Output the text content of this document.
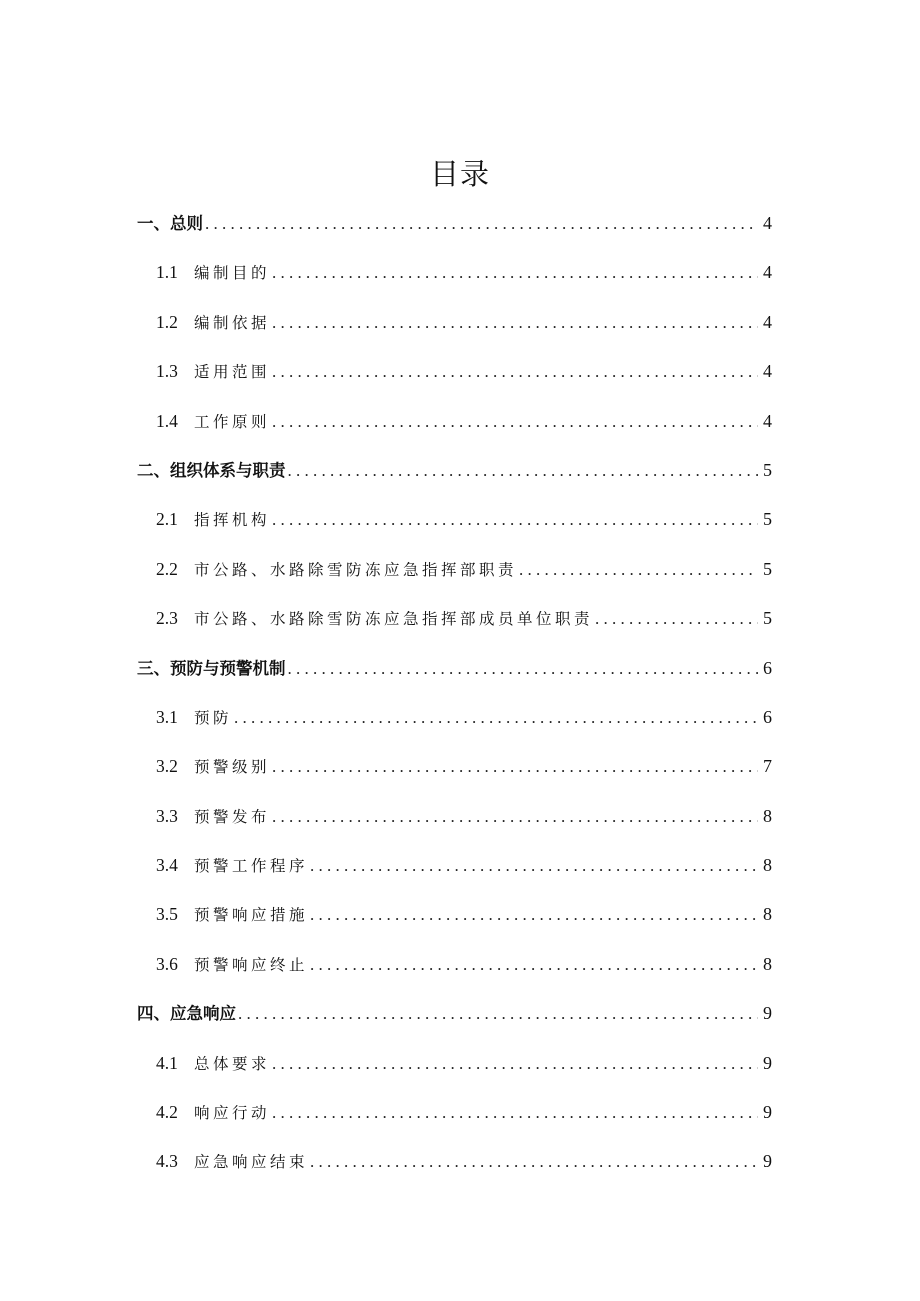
目录
一、总则 . . .	4
1.1	编制目的 . . .	4
1.2	编制依据 . . .	4
1.3	适用范围 . . .	4
1.4	工作原则 . . .	4
二、组织体系与职责 . . .	5
2.1	指挥机构 . . .	5
2.2	市公路、水路除雪防冻应急指挥部职责 . . .	5
2.3	市公路、水路除雪防冻应急指挥部成员单位职责 . . .	5
三、预防与预警机制 . . .	6
3.1	预防 . . .	6
3.2	预警级别 . . .	7
3.3	预警发布 . . .	8
3.4	预警工作程序 . . .	8
3.5	预警响应措施 . . .	8
3.6	预警响应终止 . . .	8
四、应急响应 . . .	9
4.1	总体要求 . . .	9
4.2	响应行动 . . .	9
4.3	应急响应结束 . . .	9
